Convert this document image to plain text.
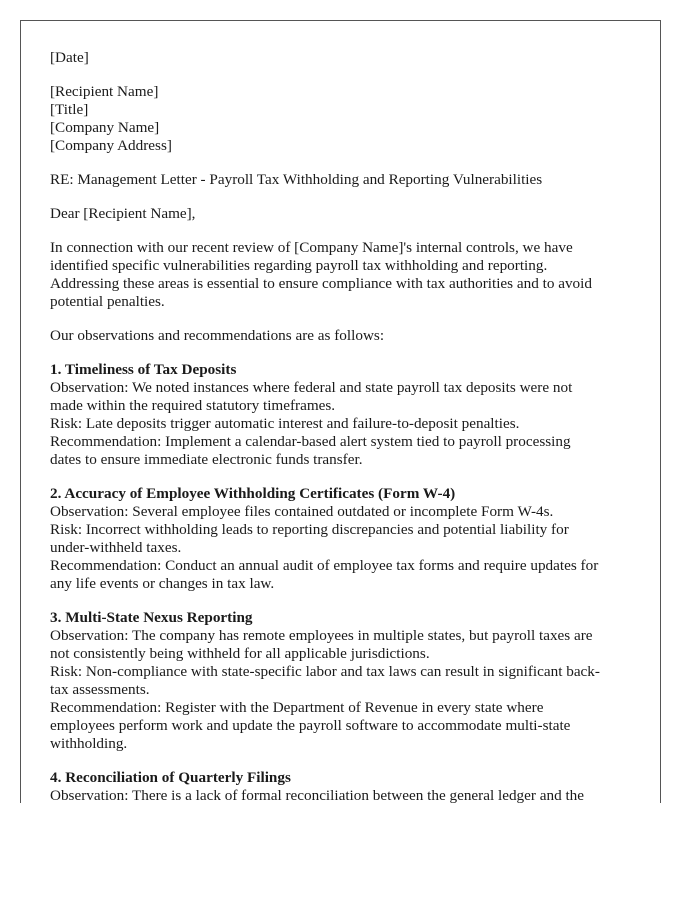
[Date]
[Recipient Name]
[Title]
[Company Name]
[Company Address]
RE: Management Letter - Payroll Tax Withholding and Reporting Vulnerabilities
Dear [Recipient Name],
In connection with our recent review of [Company Name]'s internal controls, we have
identified specific vulnerabilities regarding payroll tax withholding and reporting.
Addressing these areas is essential to ensure compliance with tax authorities and to avoid
potential penalties.
Our observations and recommendations are as follows:
1. Timeliness of Tax Deposits
Observation: We noted instances where federal and state payroll tax deposits were not
made within the required statutory timeframes.
Risk: Late deposits trigger automatic interest and failure-to-deposit penalties.
Recommendation: Implement a calendar-based alert system tied to payroll processing
dates to ensure immediate electronic funds transfer.
2. Accuracy of Employee Withholding Certificates (Form W-4)
Observation: Several employee files contained outdated or incomplete Form W-4s.
Risk: Incorrect withholding leads to reporting discrepancies and potential liability for
under-withheld taxes.
Recommendation: Conduct an annual audit of employee tax forms and require updates for
any life events or changes in tax law.
3. Multi-State Nexus Reporting
Observation: The company has remote employees in multiple states, but payroll taxes are
not consistently being withheld for all applicable jurisdictions.
Risk: Non-compliance with state-specific labor and tax laws can result in significant back-
tax assessments.
Recommendation: Register with the Department of Revenue in every state where
employees perform work and update the payroll software to accommodate multi-state
withholding.
4. Reconciliation of Quarterly Filings
Observation: There is a lack of formal reconciliation between the general ledger and the
